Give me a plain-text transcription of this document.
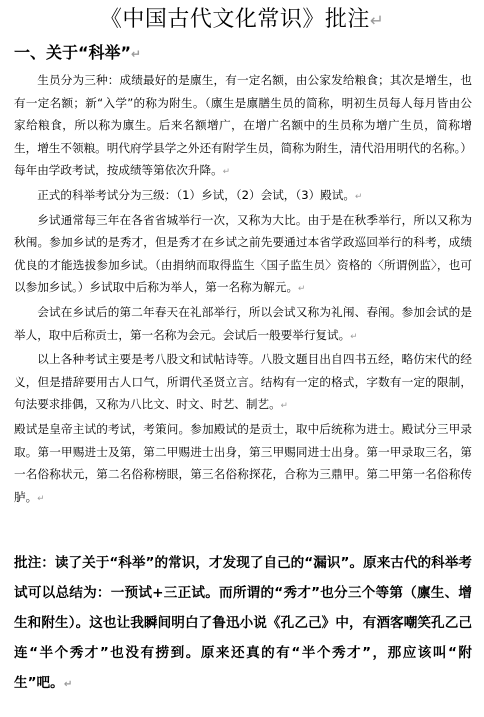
《中国古代文化常识》批注↵
一、关于“科举”↵

生员分为三种：成绩最好的是廪生，有一定名额，由公家发给粮食；其次是增生，也有一定名额；新“入学”的称为附生。（廪生是廪膳生员的简称，明初生员每人每月皆由公家给粮食，所以称为廪生。后来名额增广，在增广名额中的生员称为增广生员，简称增生，增生不领粮。明代府学县学之外还有附学生员，简称为附生，清代沿用明代的名称。）每年由学政考试，按成绩等第依次升降。↵

正式的科举考试分为三级：（1）乡试，（2）会试，（3）殿试。↵

乡试通常每三年在各省省城举行一次，又称为大比。由于是在秋季举行，所以又称为秋闱。参加乡试的是秀才，但是秀才在乡试之前先要通过本省学政巡回举行的科考，成绩优良的才能选拔参加乡试。（由捐纳而取得监生〈国子监生员〉资格的〈所谓例监〉，也可以参加乡试。）乡试取中后称为举人，第一名称为解元。↵

会试在乡试后的第二年春天在礼部举行，所以会试又称为礼闱、春闱。参加会试的是举人，取中后称贡士，第一名称为会元。会试后一般要举行复试。↵

以上各种考试主要是考八股文和试帖诗等。八股文题目出自四书五经，略仿宋代的经义，但是措辞要用古人口气，所谓代圣贤立言。结构有一定的格式，字数有一定的限制，句法要求排偶，又称为八比文、时文、时艺、制艺。↵

殿试是皇帝主试的考试，考策问。参加殿试的是贡士，取中后统称为进士。殿试分三甲录取。第一甲赐进士及第，第二甲赐进士出身，第三甲赐同进士出身。第一甲录取三名，第一名俗称状元，第二名俗称榜眼，第三名俗称探花，合称为三鼎甲。第二甲第一名俗称传胪。↵

批注：读了关于“科举”的常识，才发现了自己的“漏识”。原来古代的科举考试可以总结为：一预试+三正试。而所谓的“秀才”也分三个等第（廪生、增生和附生）。这也让我瞬间明白了鲁迅小说《孔乙己》中，有酒客嘲笑孔乙己连“半个秀才”也没有捞到。原来还真的有“半个秀才”，那应该叫“附生”吧。↵
